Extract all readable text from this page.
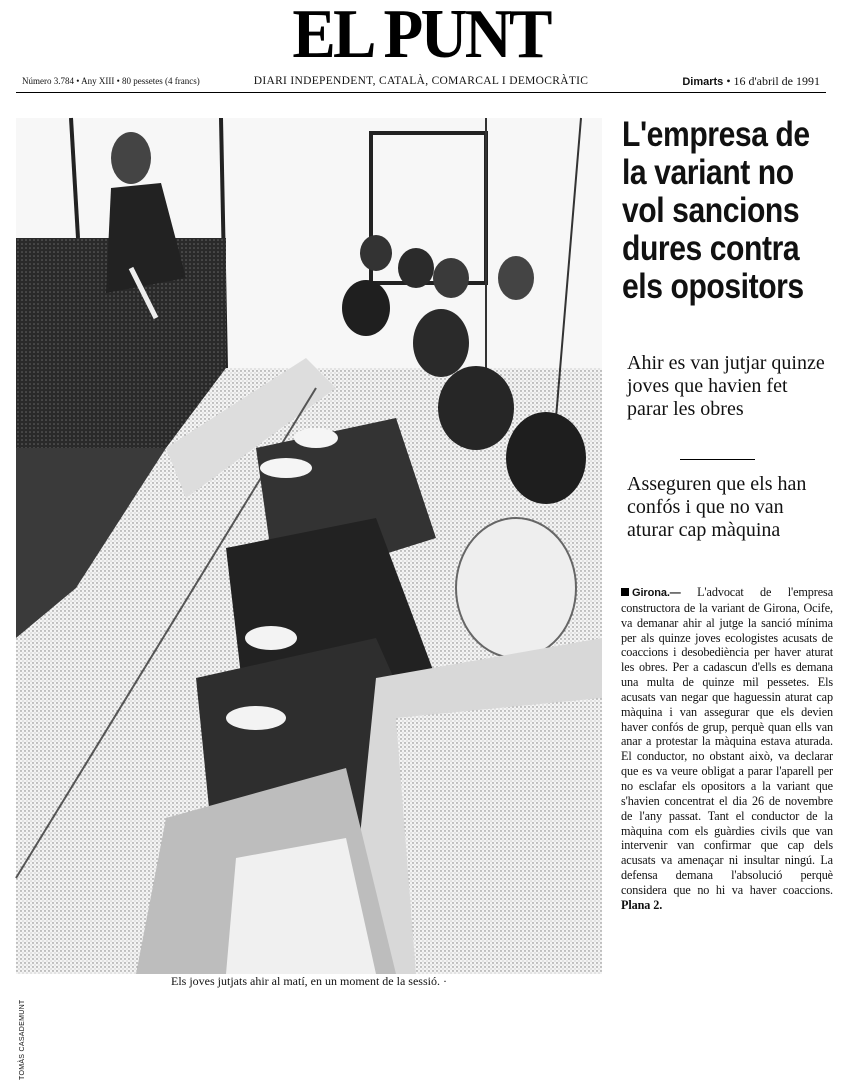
EL PUNT
Número 3.784 • Any XIII • 80 pessetes (4 francs)	DIARI INDEPENDENT, CATALÀ, COMARCAL I DEMOCRÀTIC	Dimarts • 16 d'abril de 1991
TOMÀS CASADEMUNT
Els joves jutjats ahir al matí, en un moment de la sessió. ·
L'empresa de la variant no vol sancions dures contra els opositors
Ahir es van jutjar quinze joves que havien fet parar les obres
Asseguren que els han confós i que no van aturar cap màquina
Girona.— L'advocat de l'empresa constructora de la variant de Girona, Ocife, va demanar ahir al jutge la sanció mínima per als quinze joves ecologistes acusats de coaccions i desobediència per haver aturat les obres. Per a cadascun d'ells es demana una multa de quinze mil pessetes. Els acusats van negar que haguessin aturat cap màquina i van assegurar que els devien haver confós de grup, perquè quan ells van anar a protestar la màquina estava aturada. El conductor, no obstant això, va declarar que es va veure obligat a parar l'aparell per no esclafar els opositors a la variant que s'havien concentrat el dia 26 de novembre de l'any passat. Tant el conductor de la màquina com els guàrdies civils que van intervenir van confirmar que cap dels acusats va amenaçar ni insultar ningú. La defensa demana l'absolució perquè considera que no hi va haver coaccions. Plana 2.
